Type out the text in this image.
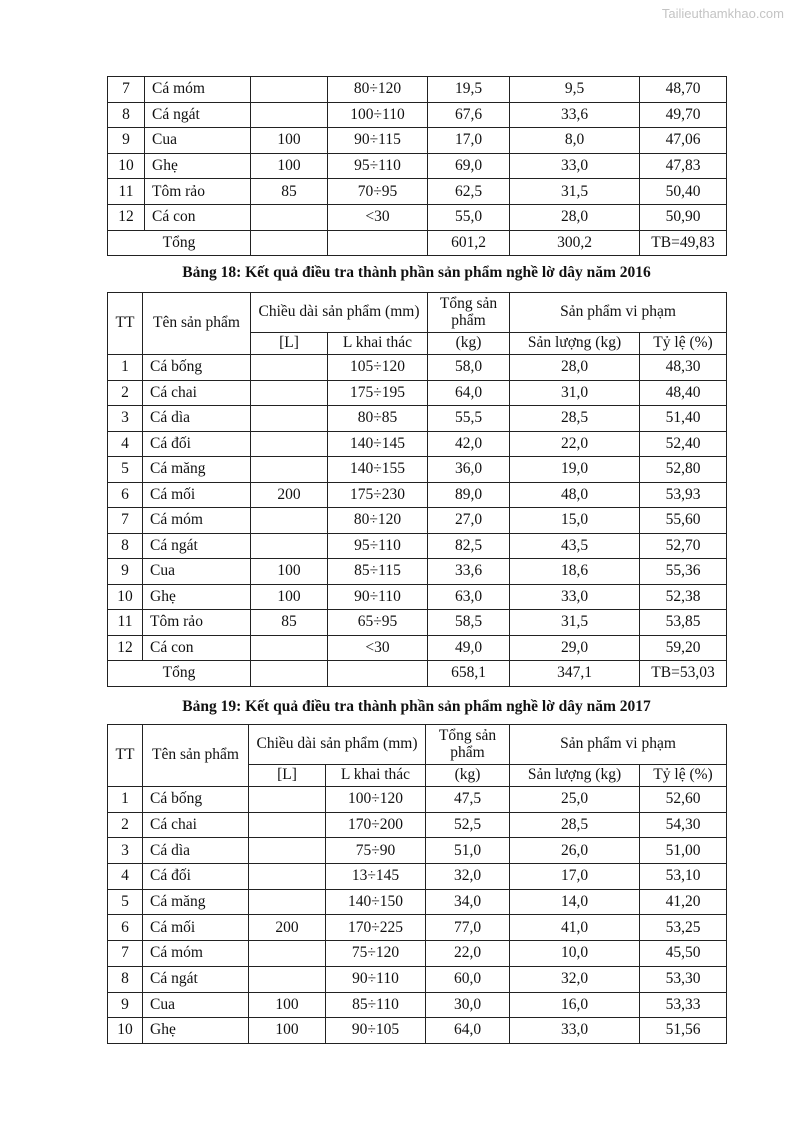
Tailieuthamkhao.com
7	Cá móm		80÷120	19,5	9,5	48,70
8	Cá ngát		100÷110	67,6	33,6	49,70
9	Cua	100	90÷115	17,0	8,0	47,06
10	Ghẹ	100	95÷110	69,0	33,0	47,83
11	Tôm rảo	85	70÷95	62,5	31,5	50,40
12	Cá con		<30	55,0	28,0	50,90
Tổng				601,2	300,2	TB=49,83
Bảng 18: Kết quả điều tra thành phần sản phẩm nghề lờ dây năm 2016
TT	Tên sản phẩm	Chiều dài sản phẩm (mm)		Tổng sản phẩm	Sản phẩm vi phạm	
		[L]	L khai thác	(kg)	Sản lượng (kg)	Tỷ lệ (%)
1	Cá bống		105÷120	58,0	28,0	48,30
2	Cá chai		175÷195	64,0	31,0	48,40
3	Cá dìa		80÷85	55,5	28,5	51,40
4	Cá đối		140÷145	42,0	22,0	52,40
5	Cá măng		140÷155	36,0	19,0	52,80
6	Cá mối	200	175÷230	89,0	48,0	53,93
7	Cá móm		80÷120	27,0	15,0	55,60
8	Cá ngát		95÷110	82,5	43,5	52,70
9	Cua	100	85÷115	33,6	18,6	55,36
10	Ghẹ	100	90÷110	63,0	33,0	52,38
11	Tôm rảo	85	65÷95	58,5	31,5	53,85
12	Cá con		<30	49,0	29,0	59,20
Tổng				658,1	347,1	TB=53,03
Bảng 19: Kết quả điều tra thành phần sản phẩm nghề lờ dây năm 2017
TT	Tên sản phẩm	Chiều dài sản phẩm (mm)		Tổng sản phẩm	Sản phẩm vi phạm	
		[L]	L khai thác	(kg)	Sản lượng (kg)	Tỷ lệ (%)
1	Cá bống		100÷120	47,5	25,0	52,60
2	Cá chai		170÷200	52,5	28,5	54,30
3	Cá dìa		75÷90	51,0	26,0	51,00
4	Cá đối		13÷145	32,0	17,0	53,10
5	Cá măng		140÷150	34,0	14,0	41,20
6	Cá mối	200	170÷225	77,0	41,0	53,25
7	Cá móm		75÷120	22,0	10,0	45,50
8	Cá ngát		90÷110	60,0	32,0	53,30
9	Cua	100	85÷110	30,0	16,0	53,33
10	Ghẹ	100	90÷105	64,0	33,0	51,56
